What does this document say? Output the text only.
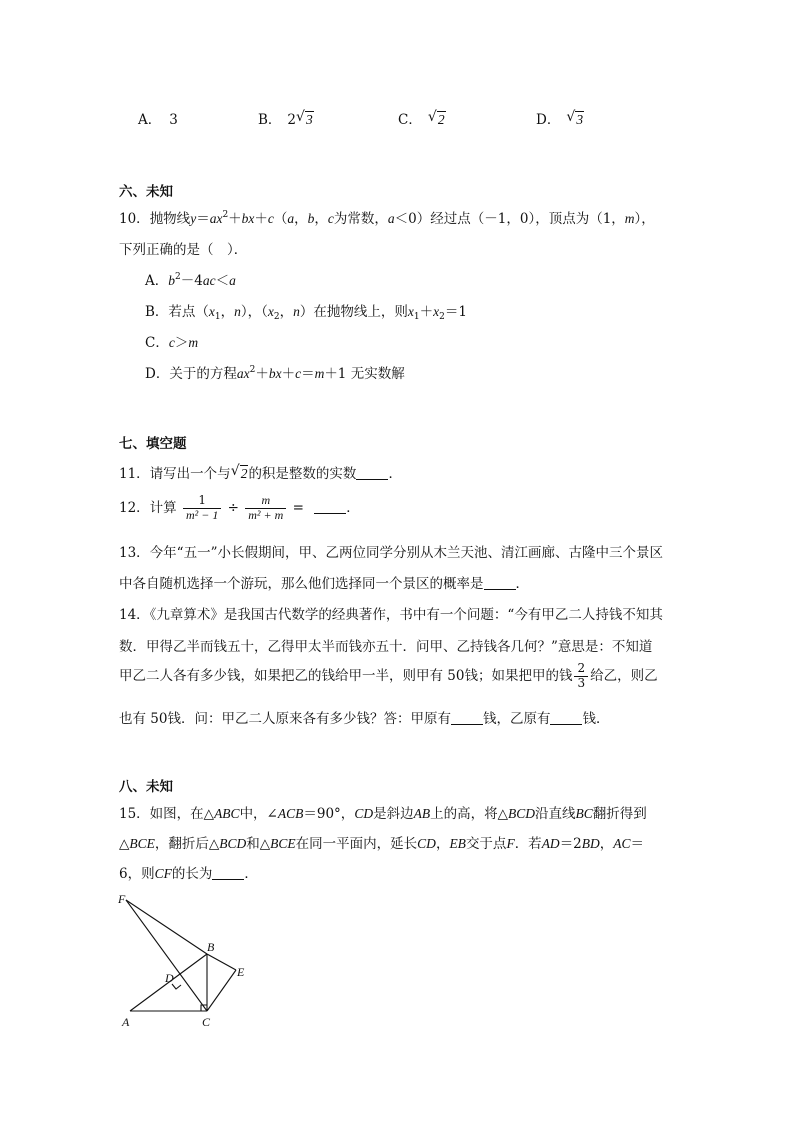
A． 3	B． 2 √ 3	C． √ 2	D． √ 3
六、未知
10．抛物线$y=ax^2+bx+c(a$，b，c为常数，a＜0）经过点（－1，0），顶点为（1，m），
下列正确的是（　）．
A．$b^2-4ac<a$
B．若点（$x_1$，n），（$x_2$，n）在抛物线上，则$x_1+x_2=1$
C．c＞m
D．关于的方程$ax^2+bx+c=m+1$ 无实数解
七、填空题
11．请写出一个与 √ 2的积是整数的实数 ．
12．计算 $\frac{1}{\text{m² − 1}} \div \frac{m}{\text{m² + m}}$ =	．
13．今年“五一”小长假期间，甲、乙两位同学分别从木兰天池、清江画廊、古隆中三个景区
中各自随机选择一个游玩，那么他们选择同一个景区的概率是 ．
14．《九章算术》是我国古代数学的经典著作，书中有一个问题：“今有甲乙二人持钱不知其
数．甲得乙半而钱五十，乙得甲太半而钱亦五十．问甲、乙持钱各几何？”意思是：不知道
甲乙二人各有多少钱，如果把乙的钱给甲一半，则甲有 50钱；如果把甲的钱 $\frac{2}{3}$ 给乙，则乙
也有 50钱．问：甲乙二人原来各有多少钱？答：甲原有 钱，乙原有 钱．
八、未知
15．如图，在△ABC中，∠ACB＝90°，CD是斜边AB上的高，将△BCD沿直线BC翻折得到
△BCE，翻折后△BCD和△BCE在同一平面内，延长CD，EB交于点F．若AD＝2BD，AC＝
6，则CF的长为 ．
F
B
D	E
A	C
